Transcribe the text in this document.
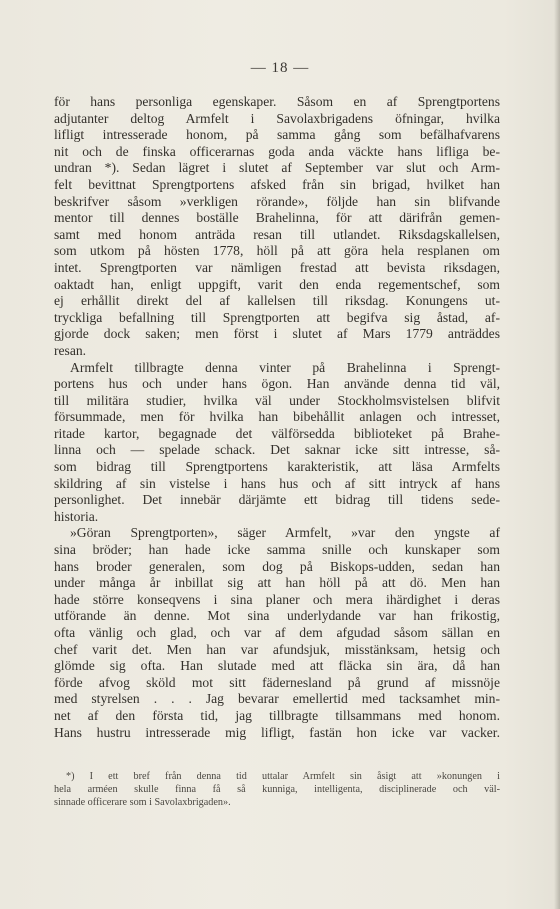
— 18 —
för hans personliga egenskaper. Såsom en af Sprengtportens
adjutanter deltog Armfelt i Savolaxbrigadens öfningar, hvilka
lifligt intresserade honom, på samma gång som befälhafvarens
nit och de finska officerarnas goda anda väckte hans lifliga be-
undran *). Sedan lägret i slutet af September var slut och Arm-
felt bevittnat Sprengtportens afsked från sin brigad, hvilket han
beskrifver såsom »verkligen rörande», följde han sin blifvande
mentor till dennes boställe Brahelinna, för att därifrån gemen-
samt med honom anträda resan till utlandet. Riksdagskallelsen,
som utkom på hösten 1778, höll på att göra hela resplanen om
intet. Sprengtporten var nämligen frestad att bevista riksdagen,
oaktadt han, enligt uppgift, varit den enda regementschef, som
ej erhållit direkt del af kallelsen till riksdag. Konungens ut-
tryckliga befallning till Sprengtporten att begifva sig åstad, af-
gjorde dock saken; men först i slutet af Mars 1779 anträddes
resan.
Armfelt tillbragte denna vinter på Brahelinna i Sprengt-
portens hus och under hans ögon. Han använde denna tid väl,
till militära studier, hvilka väl under Stockholmsvistelsen blifvit
försummade, men för hvilka han bibehållit anlagen och intresset,
ritade kartor, begagnade det välförsedda biblioteket på Brahe-
linna och — spelade schack. Det saknar icke sitt intresse, så-
som bidrag till Sprengtportens karakteristik, att läsa Armfelts
skildring af sin vistelse i hans hus och af sitt intryck af hans
personlighet. Det innebär därjämte ett bidrag till tidens sede-
historia.
»Göran Sprengtporten», säger Armfelt, »var den yngste af
sina bröder; han hade icke samma snille och kunskaper som
hans broder generalen, som dog på Biskops-udden, sedan han
under många år inbillat sig att han höll på att dö. Men han
hade större konseqvens i sina planer och mera ihärdighet i deras
utförande än denne. Mot sina underlydande var han frikostig,
ofta vänlig och glad, och var af dem afgudad såsom sällan en
chef varit det. Men han var afundsjuk, misstänksam, hetsig och
glömde sig ofta. Han slutade med att fläcka sin ära, då han
förde afvog sköld mot sitt fädernesland på grund af missnöje
med styrelsen . . . Jag bevarar emellertid med tacksamhet min-
net af den första tid, jag tillbragte tillsammans med honom.
Hans hustru intresserade mig lifligt, fastän hon icke var vacker.
*) I ett bref från denna tid uttalar Armfelt sin åsigt att »konungen i
hela arméen skulle finna få så kunniga, intelligenta, disciplinerade och väl-
sinnade officerare som i Savolaxbrigaden».
